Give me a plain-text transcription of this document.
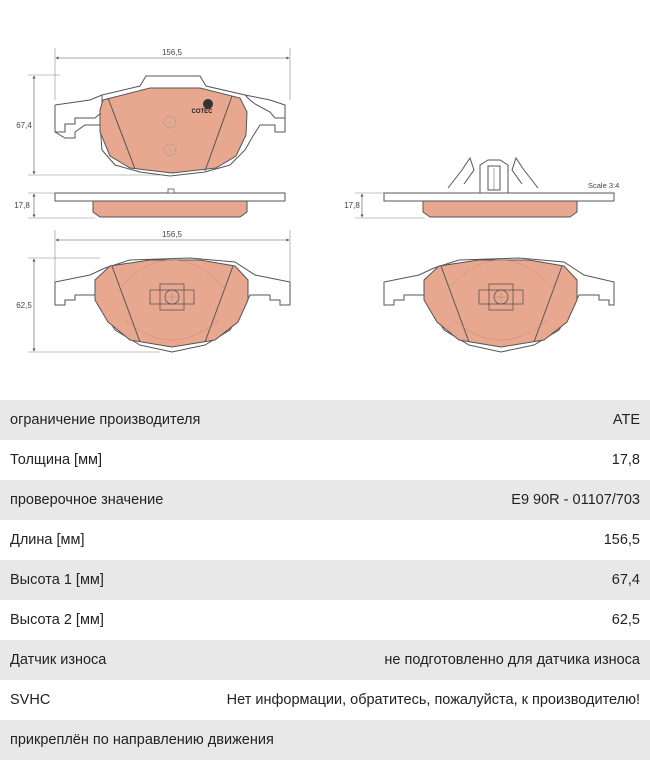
156,5
67,4
COTEC
17,8	17,8
Scale 3:4
156,5
62,5
ограничение производителя	ATE
Толщина [мм]	17,8
проверочное значение	E9 90R - 01107/703
Длина [мм]	156,5
Высота 1 [мм]	67,4
Высота 2 [мм]	62,5
Датчик износа	не подготовленно для датчика износа
SVHC	Нет информации, обратитесь, пожалуйста, к производителю!
прикреплён по направлению движения
